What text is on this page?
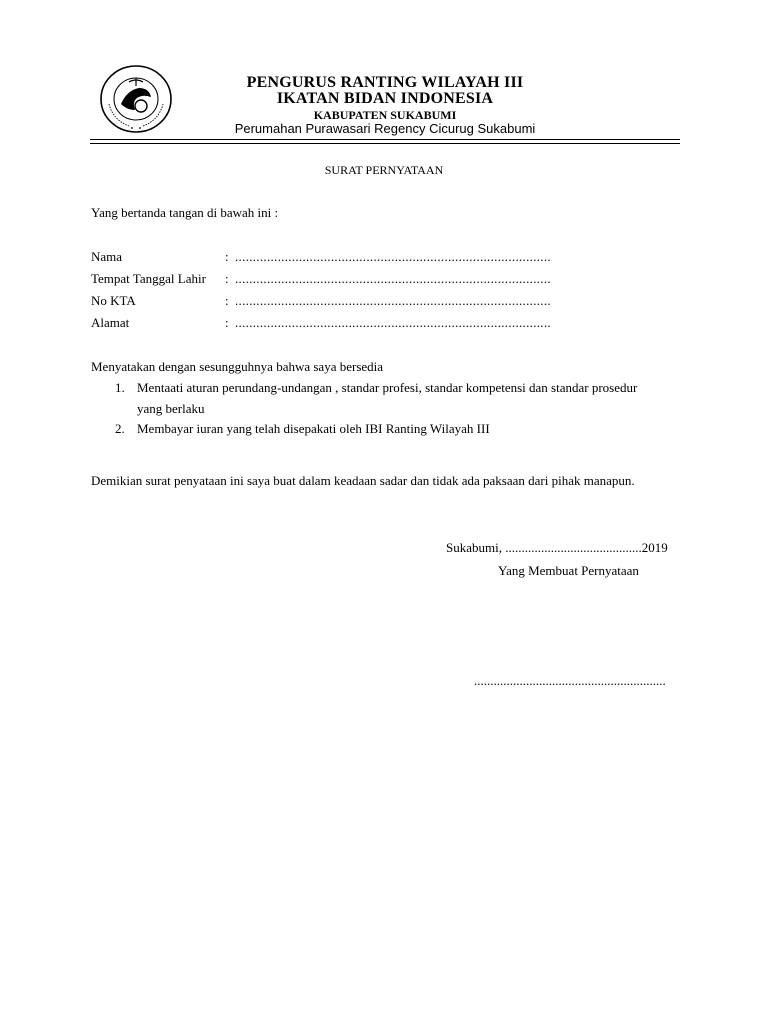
PENGURUS RANTING WILAYAH III
IKATAN BIDAN INDONESIA
KABUPATEN SUKABUMI
Perumahan Purawasari Regency Cicurug Sukabumi
SURAT PERNYATAAN
Yang bertanda tangan di bawah ini :
Nama	: .........................................................................................
Tempat Tanggal Lahir : .........................................................................................
No KTA	: .........................................................................................
Alamat	: .........................................................................................
Menyatakan dengan sesungguhnya bahwa saya bersedia
1. Mentaati aturan perundang-undangan , standar profesi, standar kompetensi dan standar prosedur
yang berlaku
2. Membayar iuran yang telah disepakati oleh IBI Ranting Wilayah III
Demikian surat penyataan ini saya buat dalam keadaan sadar dan tidak ada paksaan dari pihak manapun.
Sukabumi, ..........................................2019
Yang Membuat Pernyataan
...........................................................
